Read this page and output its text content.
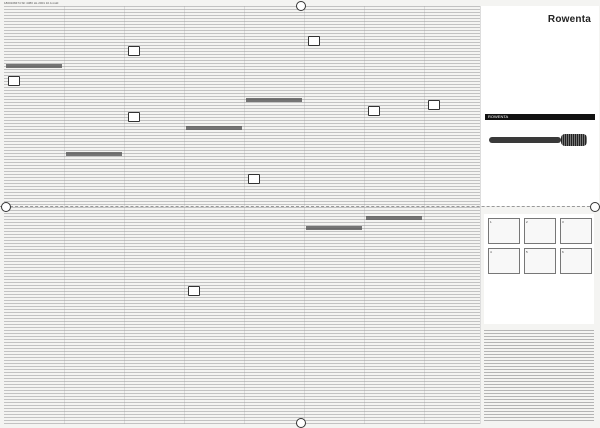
1800108474 SF 4380 HL 2001 10 A.indd
Rowenta
ROWENTA
1	2	3
4	5	6
